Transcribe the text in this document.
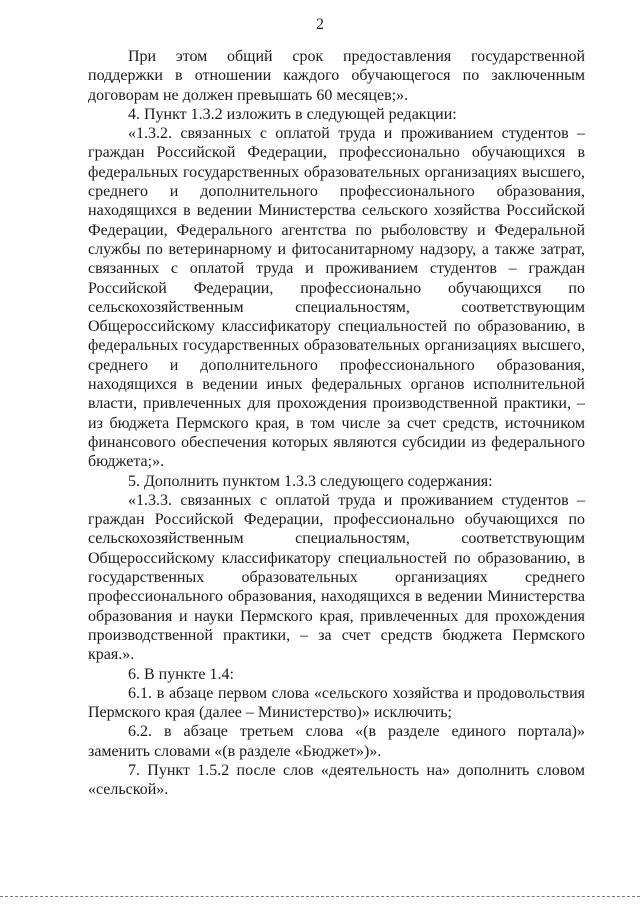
2

При этом общий срок предоставления государственной поддержки в отношении каждого обучающегося по заключенным договорам не должен превышать 60 месяцев;».

4. Пункт 1.3.2 изложить в следующей редакции:

«1.3.2. связанных с оплатой труда и проживанием студентов – граждан Российской Федерации, профессионально обучающихся в федеральных государственных образовательных организациях высшего, среднего и дополнительного профессионального образования, находящихся в ведении Министерства сельского хозяйства Российской Федерации, Федерального агентства по рыболовству и Федеральной службы по ветеринарному и фитосанитарному надзору, а также затрат, связанных с оплатой труда и проживанием студентов – граждан Российской Федерации, профессионально обучающихся по сельскохозяйственным специальностям, соответствующим Общероссийскому классификатору специальностей по образованию, в федеральных государственных образовательных организациях высшего, среднего и дополнительного профессионального образования, находящихся в ведении иных федеральных органов исполнительной власти, привлеченных для прохождения производственной практики, – из бюджета Пермского края, в том числе за счет средств, источником финансового обеспечения которых являются субсидии из федерального бюджета;».

5. Дополнить пунктом 1.3.3 следующего содержания:

«1.3.3. связанных с оплатой труда и проживанием студентов – граждан Российской Федерации, профессионально обучающихся по сельскохозяйственным специальностям, соответствующим Общероссийскому классификатору специальностей по образованию, в государственных образовательных организациях среднего профессионального образования, находящихся в ведении Министерства образования и науки Пермского края, привлеченных для прохождения производственной практики, – за счет средств бюджета Пермского края.».

6. В пункте 1.4:

6.1. в абзаце первом слова «сельского хозяйства и продовольствия Пермского края (далее – Министерство)» исключить;

6.2. в абзаце третьем слова «(в разделе единого портала)» заменить словами «(в разделе «Бюджет»)».

7. Пункт 1.5.2 после слов «деятельность на» дополнить словом «сельской».
